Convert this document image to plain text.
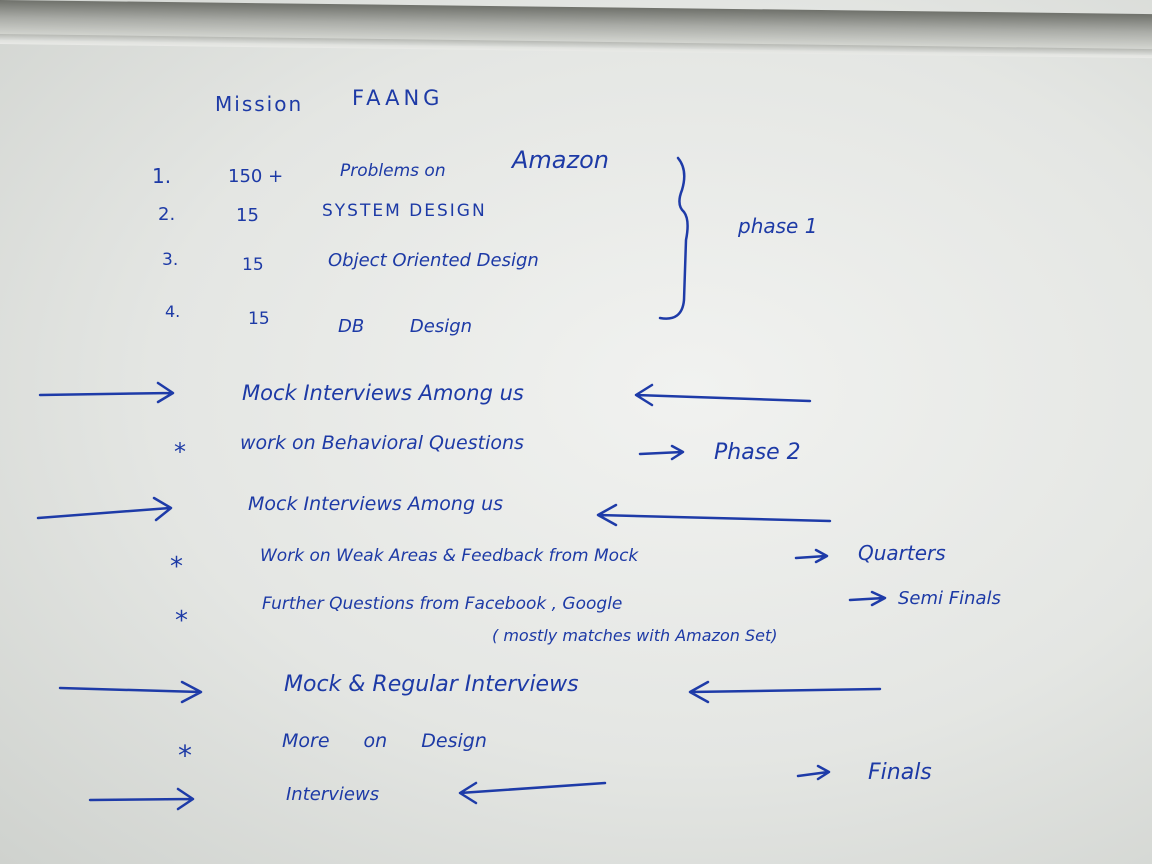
Mission FAANG
1.	150 +	Problems on	Amazon
2.	15	SYSTEM DESIGN
3.	15	Object Oriented Design
4.	15	DB Design
phase 1
Mock Interviews Among us
*	work on Behavioral Questions	Phase 2
Mock Interviews Among us
*	Work on Weak Areas & Feedback from Mock	Quarters
*
Further Questions from Facebook , Google	Semi Finals
( mostly matches with Amazon Set)
Mock & Regular Interviews
*	More on Design
Interviews
Finals
